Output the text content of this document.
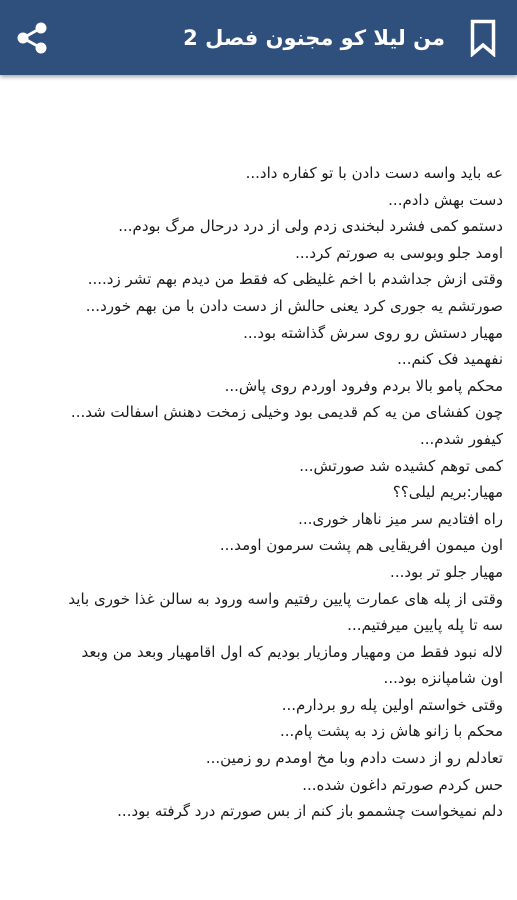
من لیلا کو مجنون فصل 2
عه باید واسه دست دادن با تو کفاره داد...
دست بهش دادم...
دستمو کمی فشرد لبخندی زدم ولی از درد درحال مرگ بودم...
اومد جلو وبوسی به صورتم کرد...
وقتی ازش جداشدم با اخم غلیظی که فقط من دیدم بهم تشر زد....
صورتشم یه جوری کرد یعنی حالش از دست دادن با من بهم خورد...
مهیار دستش رو روی سرش گذاشته بود...
نفهمید فک کنم...
محکم پامو بالا بردم وفرود اوردم روی پاش...
چون کفشای من یه کم قدیمی بود وخیلی زمخت دهنش اسفالت شد...
کیفور شدم...
کمی توهم کشیده شد صورتش...
مهیار:بریم لیلی؟؟
راه افتادیم سر میز ناهار خوری...
اون میمون افریقایی هم پشت سرمون اومد...
مهیار جلو تر بود...
وقتی از پله های عمارت پایین رفتیم واسه ورود به سالن غذا خوری باید
سه تا پله پایین میرفتیم...
لاله نبود فقط من ومهیار ومازیار بودیم که اول اقامهیار وبعد من وبعد
اون شامپانزه بود...
وقتی خواستم اولین پله رو بردارم...
محکم با زانو هاش زد به پشت پام...
تعادلم رو از دست دادم وبا مخ اومدم رو زمین...
حس کردم صورتم داغون شده...
دلم نمیخواست چشممو باز کنم از بس صورتم درد گرفته بود...
